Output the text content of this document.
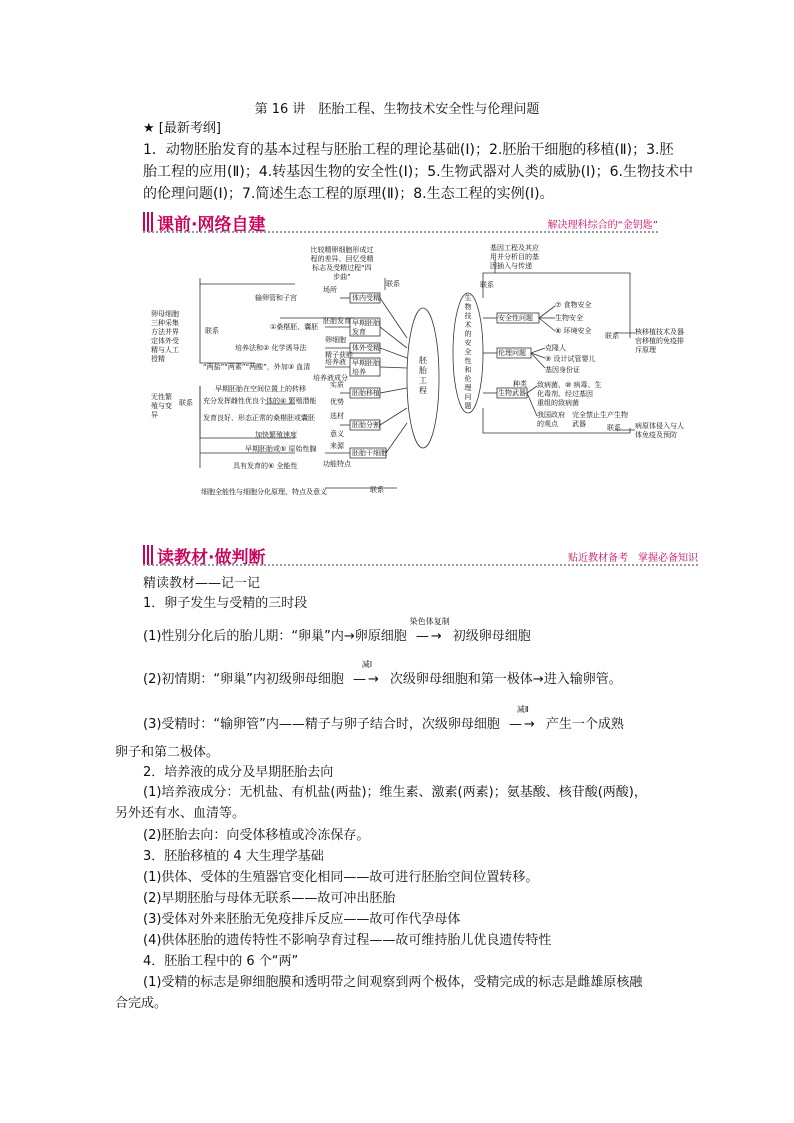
第 16 讲　胚胎工程、生物技术安全性与伦理问题
★ [最新考纲]
1．动物胚胎发育的基本过程与胚胎工程的理论基础(Ⅰ)；2.胚胎干细胞的移植(Ⅱ)；3.胚
胎工程的应用(Ⅱ)；4.转基因生物的安全性(Ⅰ)；5.生物武器对人类的威胁(Ⅰ)；6.生物技术中
的伦理问题(Ⅰ)；7.简述生态工程的原理(Ⅱ)；8.生态工程的实例(Ⅰ)。
课前·网络自建	解决理科综合的“金钥匙”
比较精卵细胞形成过
程的差异、回忆受精
标志及受精过程“四
步曲”
联系
基因工程及其应
用并分析目的基
因插入与传递
联系
卵母细胞
三种采集
方法并界
定体外受
精与人工
授精
联系
无性繁
殖与变
异
联系
胚
胎
工
程
生
物
技
术
的
安
全
性
和
伦
理
问
题
输卵管和子宫
①桑椹胚、囊胚
培养法和② 化学诱导法
“两盐”“两素”“两酸”，外加③ 血清
早期胚胎在空间位置上的转移
充分发挥雌性优良个体的④ 繁殖潜能
发育良好、形态正常的桑椹胚或囊胚
加快繁殖速度
早期胚胎或⑤ 原始性腺
具有发育的⑥ 全能性
体内受精
早期胚胎发育
体外受精
早期胚胎培养
胚胎移植
胚胎分割
胚胎干细胞
场所
胚胎发育
卵细胞
精子获能
培养液
培养液成分
实质
优势
选材
意义
来源
功能特点
安全性问题
⑦ 食物安全
生物安全
⑧ 环境安全
伦理问题
克隆人
⑨ 设计试管婴儿
基因身份证
生物武器
种类 致病菌、⑩ 病毒、生
化毒剂、经过基因
重组的致病菌
我国政府　完全禁止生产生物
的观点　　武器
核移植技术及器
官移植的免疫排
斥原理
联系
病原体侵入与人
体免疫及预防
联系
细胞全能性与细胞分化原理、特点及意义	联系
读教材·做判断	贴近教材备考　掌握必备知识
精读教材——记一记
1．卵子发生与受精的三时段
(1)性别分化后的胎儿期：“卵巢”内→卵原细胞
染色体复制
—→ 初级卵母细胞
(2)初情期：“卵巢”内初级卵母细胞
减Ⅰ
—→ 次级卵母细胞和第一极体→进入输卵管。
(3)受精时：“输卵管”内——精子与卵子结合时，次级卵母细胞
减Ⅱ
—→ 产生一个成熟
卵子和第二极体。
2．培养液的成分及早期胚胎去向
(1)培养液成分：无机盐、有机盐(两盐)；维生素、激素(两素)；氨基酸、核苷酸(两酸)，
另外还有水、血清等。
(2)胚胎去向：向受体移植或冷冻保存。
3．胚胎移植的 4 大生理学基础
(1)供体、受体的生殖器官变化相同——故可进行胚胎空间位置转移。
(2)早期胚胎与母体无联系——故可冲出胚胎
(3)受体对外来胚胎无免疫排斥反应——故可作代孕母体
(4)供体胚胎的遗传特性不影响孕育过程——故可维持胎儿优良遗传特性
4．胚胎工程中的 6 个“两”
(1)受精的标志是卵细胞膜和透明带之间观察到两个极体，受精完成的标志是雌雄原核融
合完成。
